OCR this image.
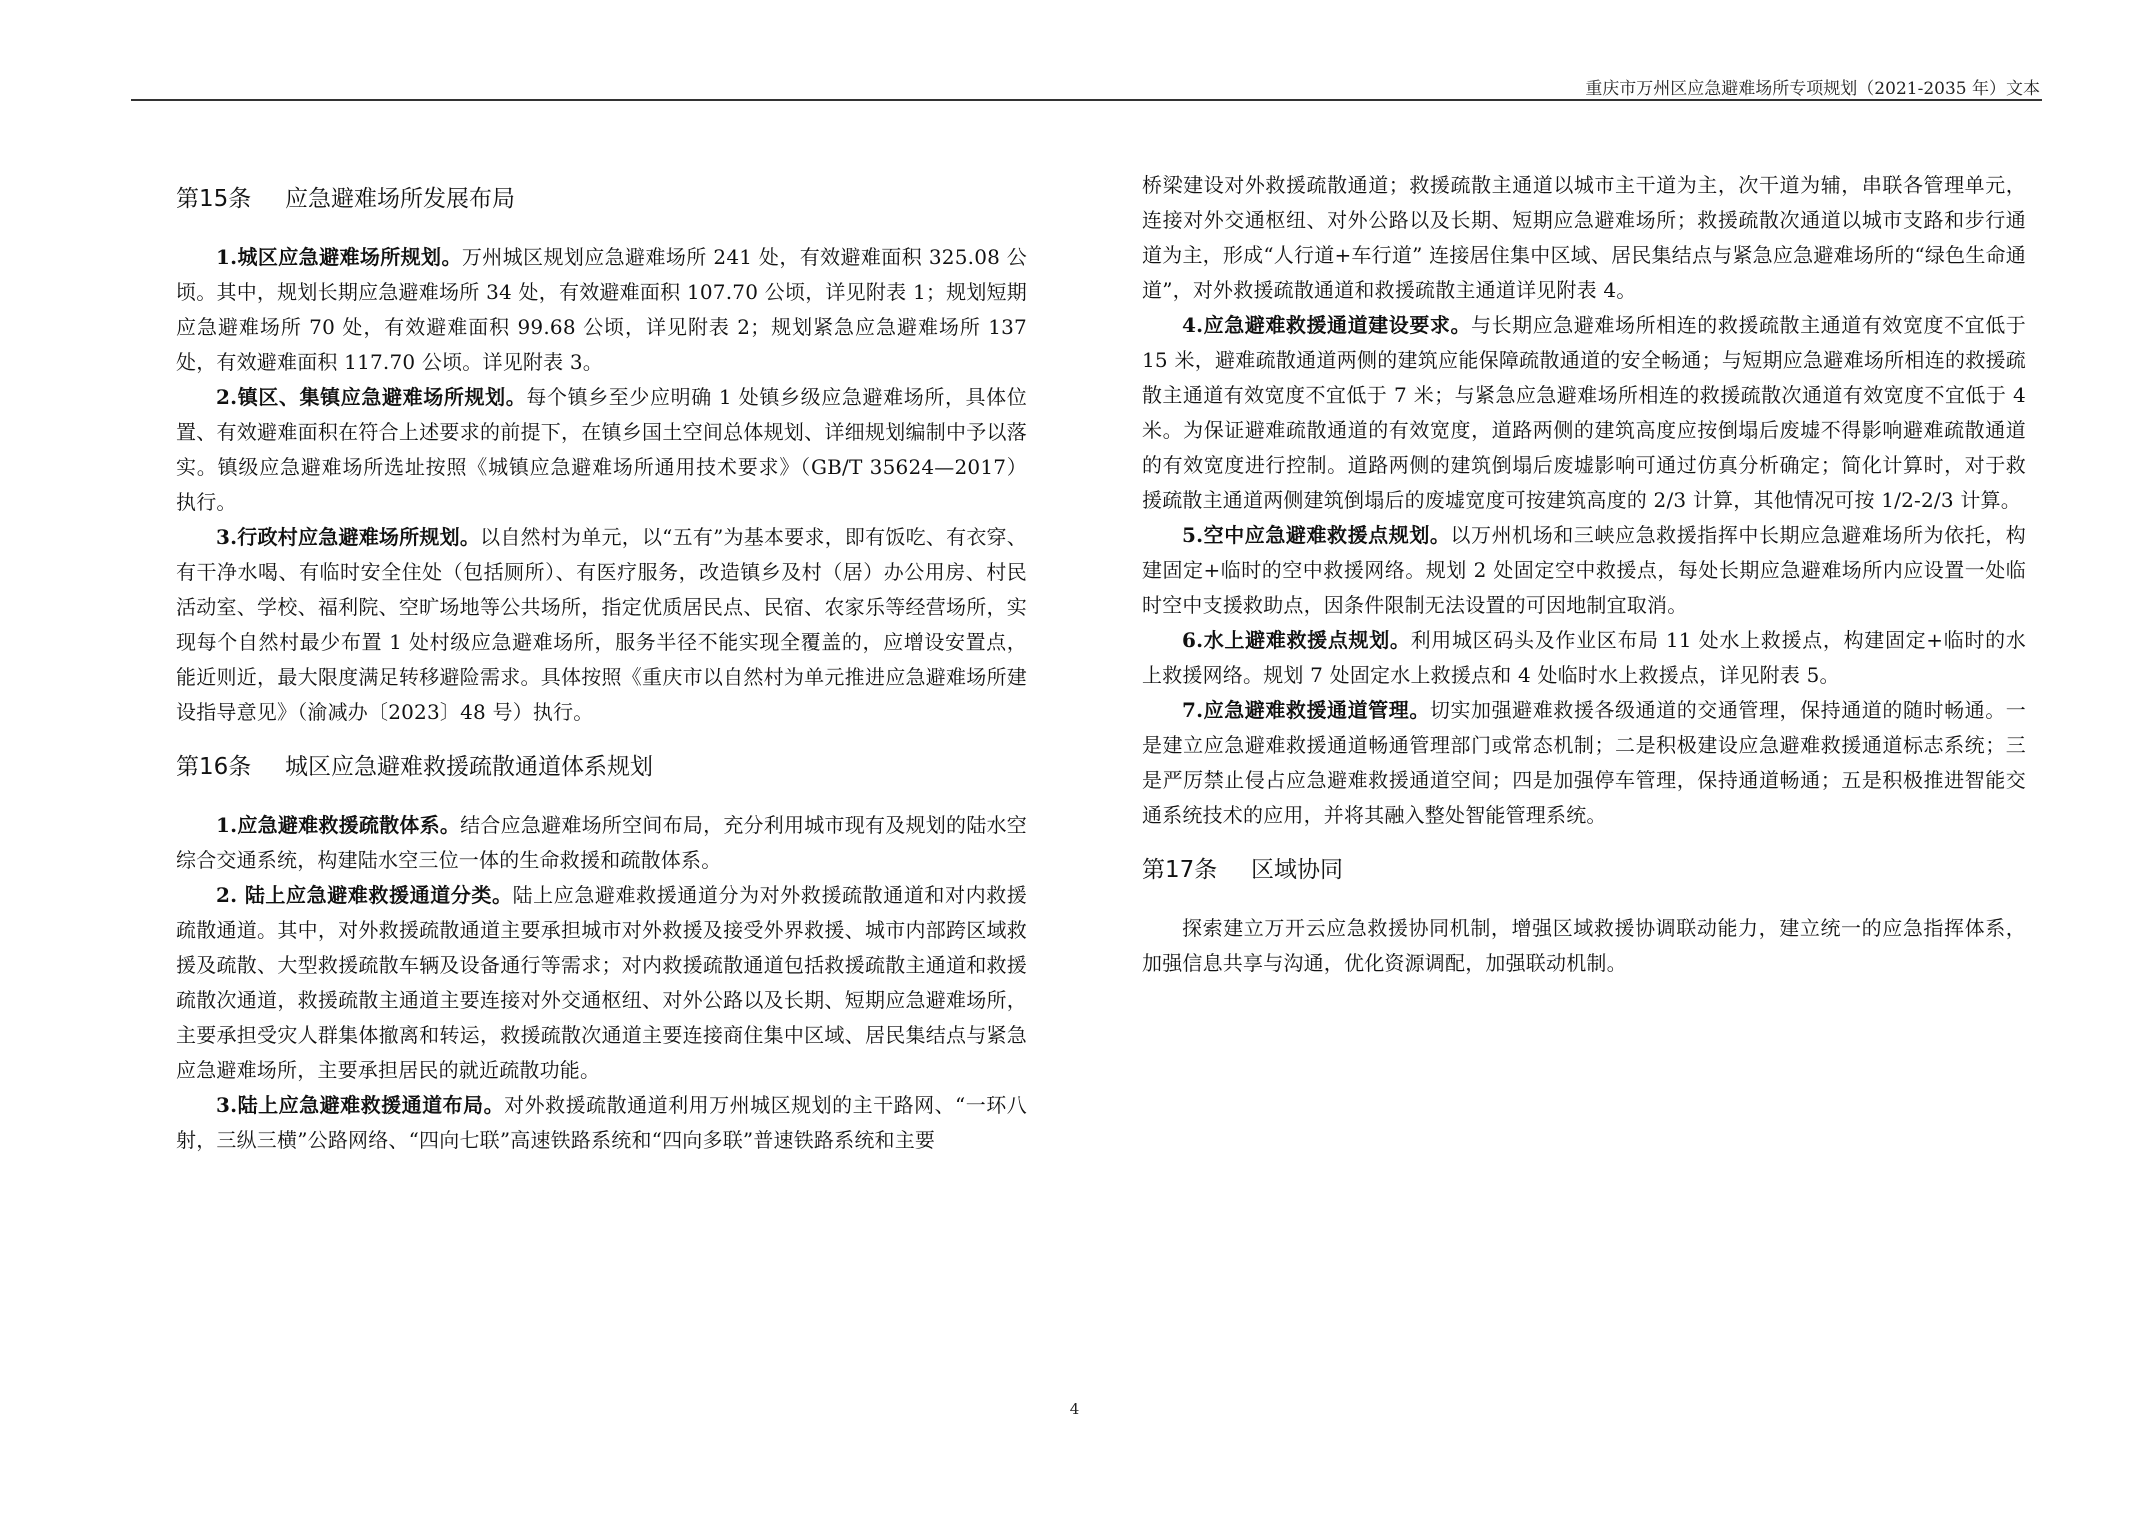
重庆市万州区应急避难场所专项规划（2021-2035 年）文本
第15条 应急避难场所发展布局

1.城区应急避难场所规划。万州城区规划应急避难场所 241 处，有效避难面积 325.08 公顷。其中，规划长期应急避难场所 34 处，有效避难面积 107.70 公顷，详见附表 1；规划短期应急避难场所 70 处，有效避难面积 99.68 公顷，详见附表 2；规划紧急应急避难场所 137 处，有效避难面积 117.70 公顷。详见附表 3。

2.镇区、集镇应急避难场所规划。每个镇乡至少应明确 1 处镇乡级应急避难场所，具体位置、有效避难面积在符合上述要求的前提下，在镇乡国土空间总体规划、详细规划编制中予以落实。镇级应急避难场所选址按照《城镇应急避难场所通用技术要求》（GB/T 35624—2017）执行。

3.行政村应急避难场所规划。以自然村为单元，以“五有”为基本要求，即有饭吃、有衣穿、有干净水喝、有临时安全住处（包括厕所）、有医疗服务，改造镇乡及村（居）办公用房、村民活动室、学校、福利院、空旷场地等公共场所，指定优质居民点、民宿、农家乐等经营场所，实现每个自然村最少布置 1 处村级应急避难场所，服务半径不能实现全覆盖的，应增设安置点，能近则近，最大限度满足转移避险需求。具体按照《重庆市以自然村为单元推进应急避难场所建设指导意见》（渝减办〔2023〕48 号）执行。

第16条 城区应急避难救援疏散通道体系规划

1.应急避难救援疏散体系。结合应急避难场所空间布局，充分利用城市现有及规划的陆水空综合交通系统，构建陆水空三位一体的生命救援和疏散体系。

2. 陆上应急避难救援通道分类。陆上应急避难救援通道分为对外救援疏散通道和对内救援疏散通道。其中，对外救援疏散通道主要承担城市对外救援及接受外界救援、城市内部跨区域救援及疏散、大型救援疏散车辆及设备通行等需求；对内救援疏散通道包括救援疏散主通道和救援疏散次通道，救援疏散主通道主要连接对外交通枢纽、对外公路以及长期、短期应急避难场所，主要承担受灾人群集体撤离和转运，救援疏散次通道主要连接商住集中区域、居民集结点与紧急应急避难场所，主要承担居民的就近疏散功能。

3.陆上应急避难救援通道布局。对外救援疏散通道利用万州城区规划的主干路网、“一环八射，三纵三横”公路网络、“四向七联”高速铁路系统和“四向多联”普速铁路系统和主要

桥梁建设对外救援疏散通道；救援疏散主通道以城市主干道为主，次干道为辅，串联各管理单元，连接对外交通枢纽、对外公路以及长期、短期应急避难场所；救援疏散次通道以城市支路和步行通道为主，形成“人行道+车行道” 连接居住集中区域、居民集结点与紧急应急避难场所的“绿色生命通道”，对外救援疏散通道和救援疏散主通道详见附表 4。

4.应急避难救援通道建设要求。与长期应急避难场所相连的救援疏散主通道有效宽度不宜低于 15 米，避难疏散通道两侧的建筑应能保障疏散通道的安全畅通；与短期应急避难场所相连的救援疏散主通道有效宽度不宜低于 7 米；与紧急应急避难场所相连的救援疏散次通道有效宽度不宜低于 4 米。为保证避难疏散通道的有效宽度，道路两侧的建筑高度应按倒塌后废墟不得影响避难疏散通道的有效宽度进行控制。道路两侧的建筑倒塌后废墟影响可通过仿真分析确定；简化计算时，对于救援疏散主通道两侧建筑倒塌后的废墟宽度可按建筑高度的 2/3 计算，其他情况可按 1/2-2/3 计算。

5.空中应急避难救援点规划。以万州机场和三峡应急救援指挥中长期应急避难场所为依托，构建固定+临时的空中救援网络。规划 2 处固定空中救援点，每处长期应急避难场所内应设置一处临时空中支援救助点，因条件限制无法设置的可因地制宜取消。

6.水上避难救援点规划。利用城区码头及作业区布局 11 处水上救援点，构建固定+临时的水上救援网络。规划 7 处固定水上救援点和 4 处临时水上救援点，详见附表 5。

7.应急避难救援通道管理。切实加强避难救援各级通道的交通管理，保持通道的随时畅通。一是建立应急避难救援通道畅通管理部门或常态机制；二是积极建设应急避难救援通道标志系统；三是严厉禁止侵占应急避难救援通道空间；四是加强停车管理，保持通道畅通；五是积极推进智能交通系统技术的应用，并将其融入整处智能管理系统。

第17条 区域协同

探索建立万开云应急救援协同机制，增强区域救援协调联动能力，建立统一的应急指挥体系，加强信息共享与沟通，优化资源调配，加强联动机制。

4
